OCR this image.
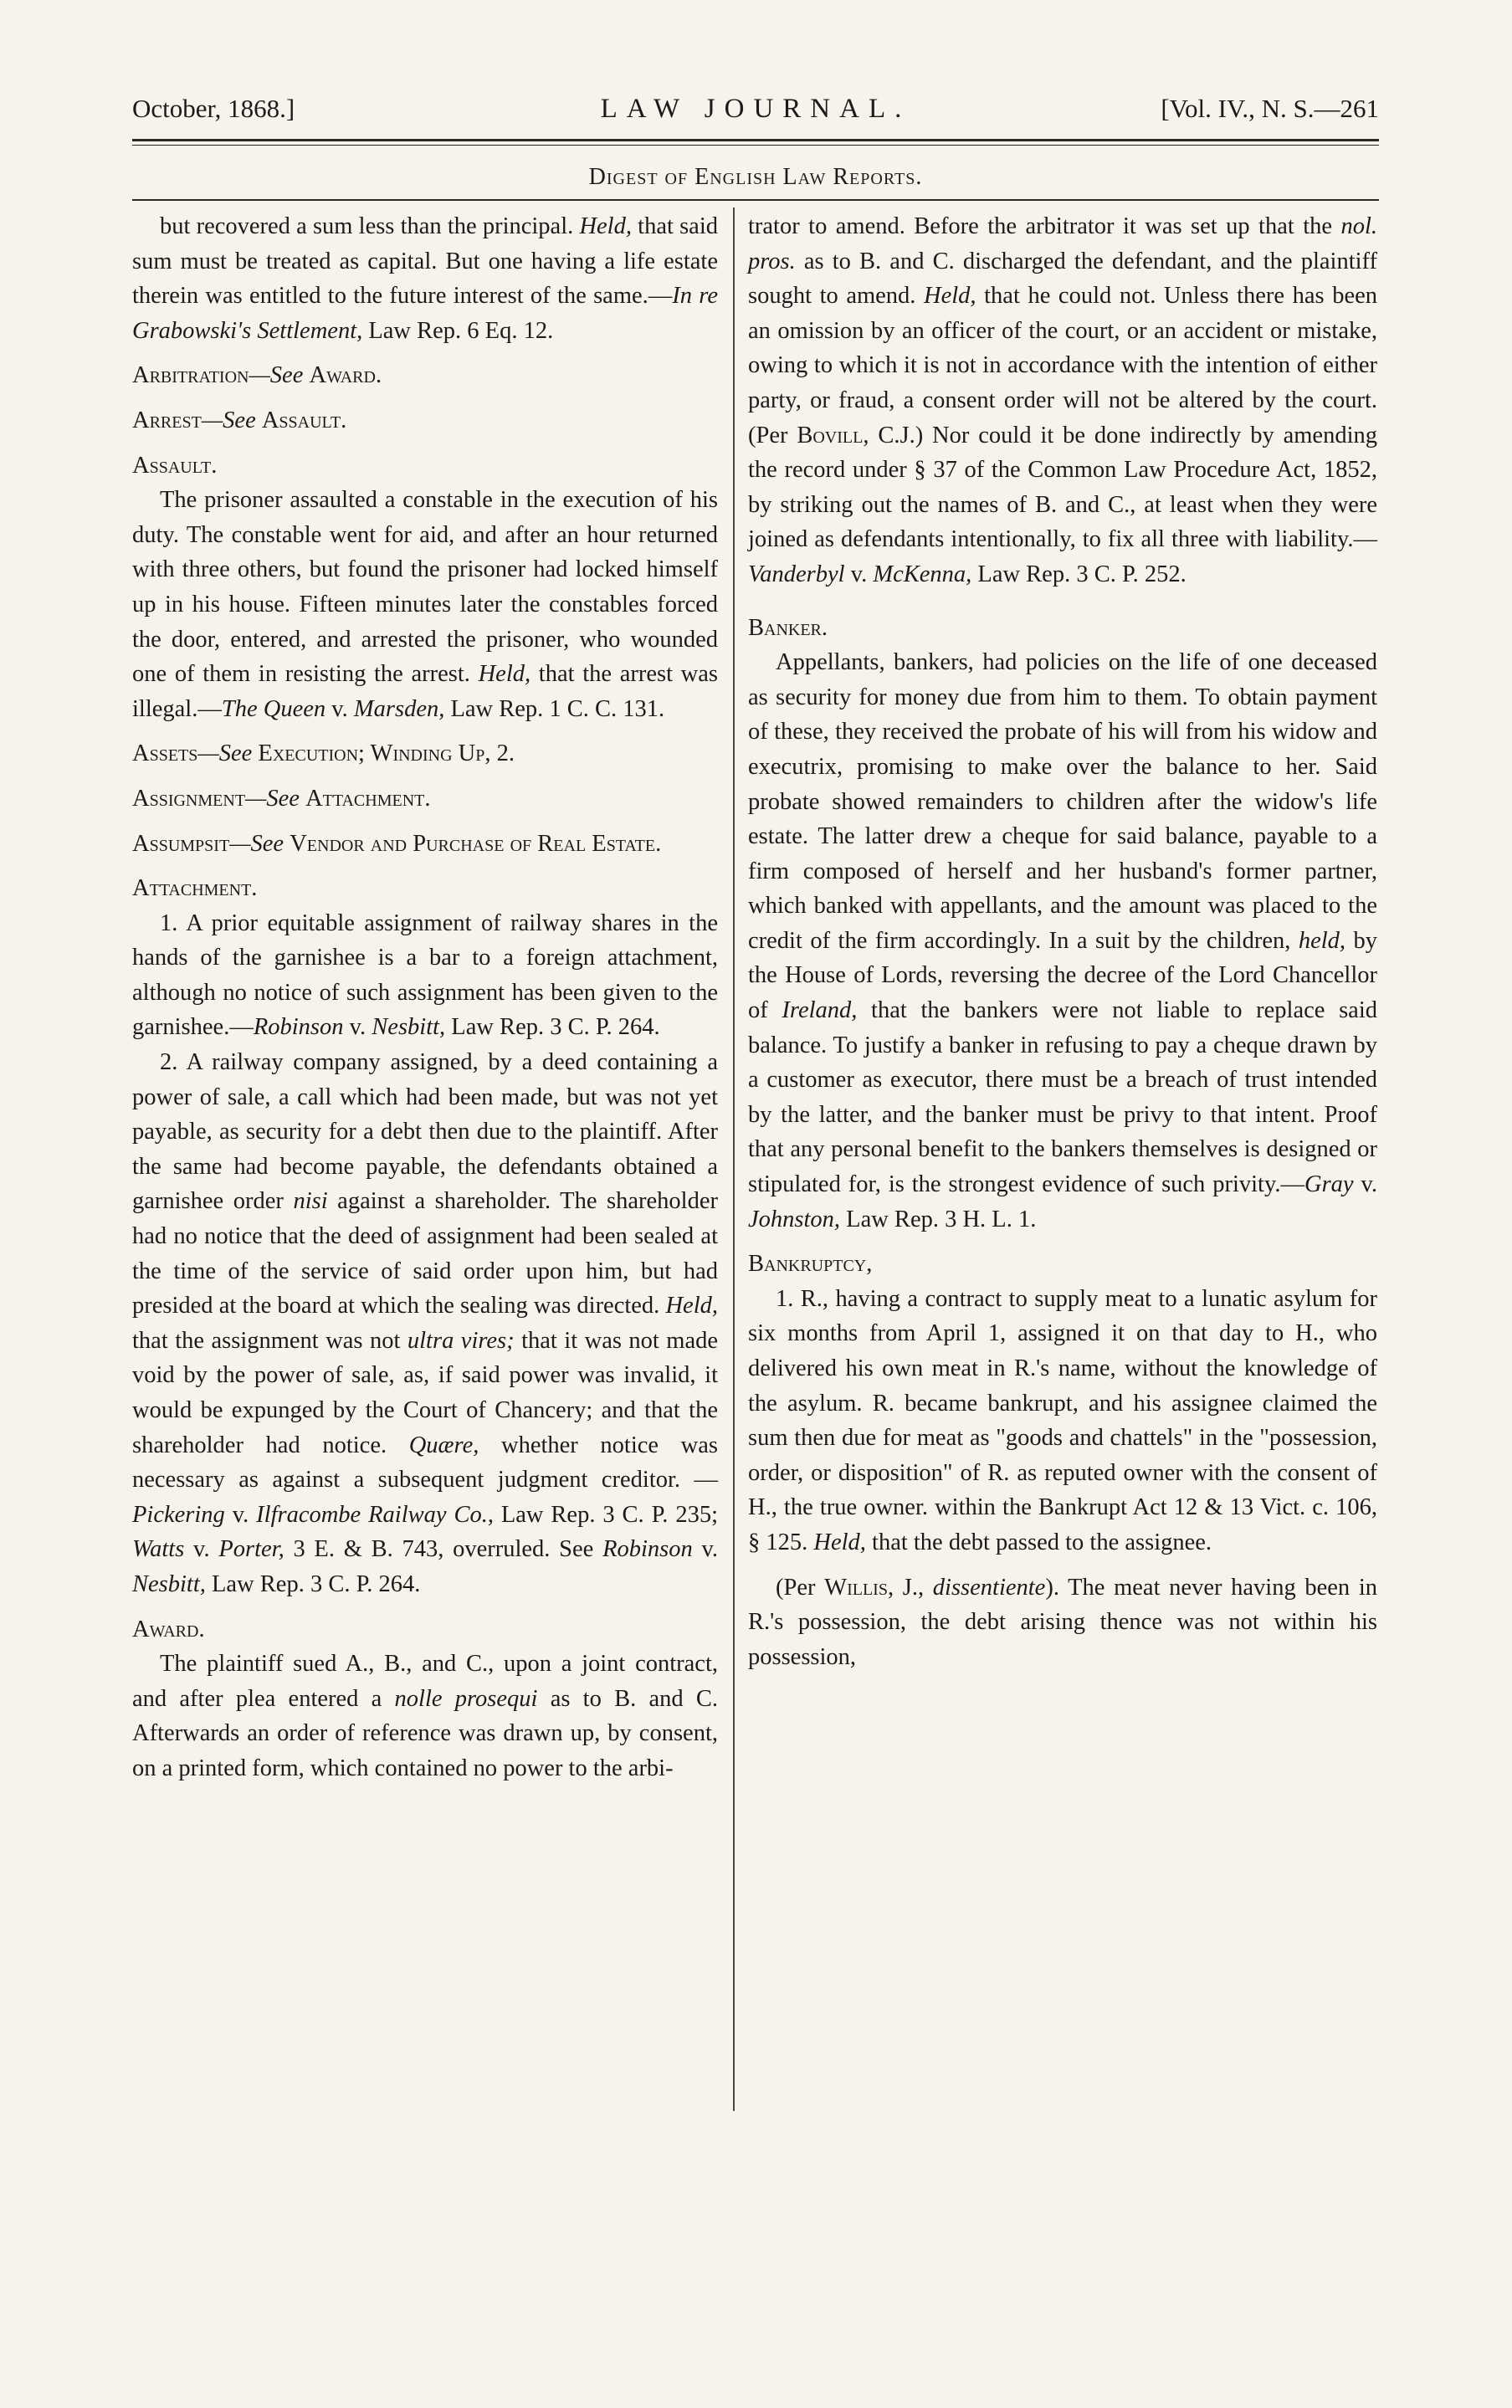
October, 1868.]	LAW JOURNAL.	[Vol. IV., N. S.—261
Digest of English Law Reports.

but recovered a sum less than the principal. Held, that said sum must be treated as capital. But one having a life estate therein was entitled to the future interest of the same.—In re Grabowski's Settlement, Law Rep. 6 Eq. 12.

Arbitration—See Award.

Arrest—See Assault.

Assault.

The prisoner assaulted a constable in the execution of his duty. The constable went for aid, and after an hour returned with three others, but found the prisoner had locked himself up in his house. Fifteen minutes later the constables forced the door, entered, and arrested the prisoner, who wounded one of them in resisting the arrest. Held, that the arrest was illegal.—The Queen v. Marsden, Law Rep. 1 C. C. 131.

Assets—See Execution; Winding Up, 2.

Assignment—See Attachment.

Assumpsit—See Vendor and Purchase of Real Estate.

Attachment.

1. A prior equitable assignment of railway shares in the hands of the garnishee is a bar to a foreign attachment, although no notice of such assignment has been given to the garnishee.—Robinson v. Nesbitt, Law Rep. 3 C. P. 264.

2. A railway company assigned, by a deed containing a power of sale, a call which had been made, but was not yet payable, as security for a debt then due to the plaintiff. After the same had become payable, the defendants obtained a garnishee order nisi against a shareholder. The shareholder had no notice that the deed of assignment had been sealed at the time of the service of said order upon him, but had presided at the board at which the sealing was directed. Held, that the assignment was not ultra vires; that it was not made void by the power of sale, as, if said power was invalid, it would be expunged by the Court of Chancery; and that the shareholder had notice. Quære, whether notice was necessary as against a subsequent judgment creditor. —Pickering v. Ilfracombe Railway Co., Law Rep. 3 C. P. 235; Watts v. Porter, 3 E. & B. 743, overruled. See Robinson v. Nesbitt, Law Rep. 3 C. P. 264.

Award.

The plaintiff sued A., B., and C., upon a joint contract, and after plea entered a nolle prosequi as to B. and C. Afterwards an order of reference was drawn up, by consent, on a printed form, which contained no power to the arbi-

trator to amend. Before the arbitrator it was set up that the nol. pros. as to B. and C. discharged the defendant, and the plaintiff sought to amend. Held, that he could not. Unless there has been an omission by an officer of the court, or an accident or mistake, owing to which it is not in accordance with the intention of either party, or fraud, a consent order will not be altered by the court. (Per Bovill, C.J.) Nor could it be done indirectly by amending the record under § 37 of the Common Law Procedure Act, 1852, by striking out the names of B. and C., at least when they were joined as defendants intentionally, to fix all three with liability.—Vanderbyl v. McKenna, Law Rep. 3 C. P. 252.

Banker.

Appellants, bankers, had policies on the life of one deceased as security for money due from him to them. To obtain payment of these, they received the probate of his will from his widow and executrix, promising to make over the balance to her. Said probate showed remainders to children after the widow's life estate. The latter drew a cheque for said balance, payable to a firm composed of herself and her husband's former partner, which banked with appellants, and the amount was placed to the credit of the firm accordingly. In a suit by the children, held, by the House of Lords, reversing the decree of the Lord Chancellor of Ireland, that the bankers were not liable to replace said balance. To justify a banker in refusing to pay a cheque drawn by a customer as executor, there must be a breach of trust intended by the latter, and the banker must be privy to that intent. Proof that any personal benefit to the bankers themselves is designed or stipulated for, is the strongest evidence of such privity.—Gray v. Johnston, Law Rep. 3 H. L. 1.

Bankruptcy,

1. R., having a contract to supply meat to a lunatic asylum for six months from April 1, assigned it on that day to H., who delivered his own meat in R.'s name, without the knowledge of the asylum. R. became bankrupt, and his assignee claimed the sum then due for meat as "goods and chattels" in the "possession, order, or disposition" of R. as reputed owner with the consent of H., the true owner. within the Bankrupt Act 12 & 13 Vict. c. 106, § 125. Held, that the debt passed to the assignee.

(Per Willis, J., dissentiente). The meat never having been in R.'s possession, the debt arising thence was not within his possession,
